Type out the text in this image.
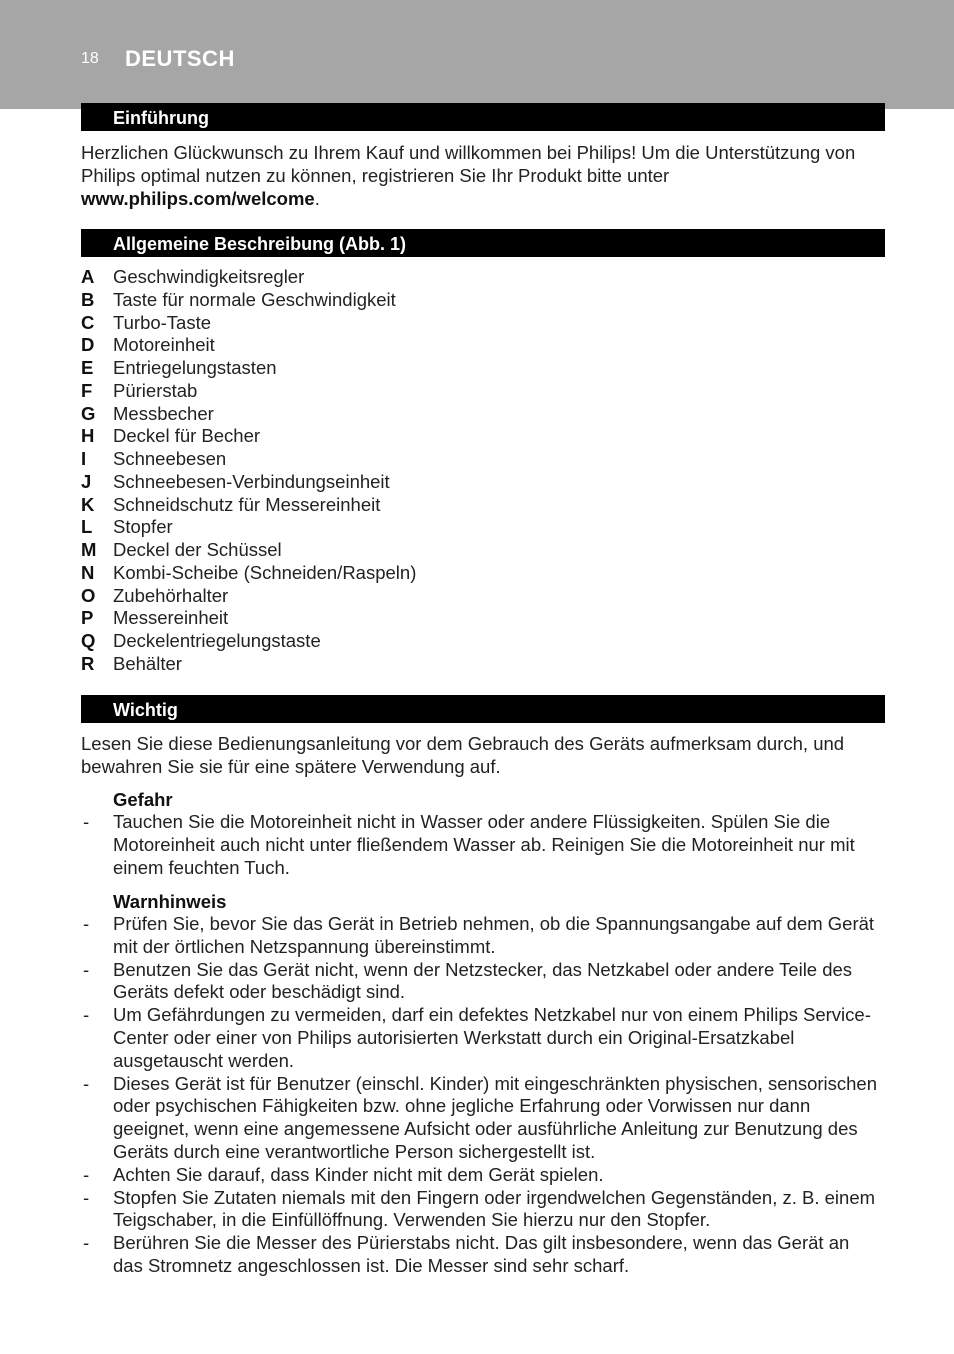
18 DEUTSCH
Einführung
Herzlichen Glückwunsch zu Ihrem Kauf und willkommen bei Philips! Um die Unterstützung von Philips optimal nutzen zu können, registrieren Sie Ihr Produkt bitte unter www.philips.com/welcome.
Allgemeine Beschreibung (Abb. 1)
A	Geschwindigkeitsregler
B	Taste für normale Geschwindigkeit
C	Turbo-Taste
D	Motoreinheit
E	Entriegelungstasten
F	Pürierstab
G Messbecher
H	Deckel für Becher
I	Schneebesen
J	Schneebesen-Verbindungseinheit
K	Schneidschutz für Messereinheit
L	Stopfer
M Deckel der Schüssel
N	Kombi-Scheibe (Schneiden/Raspeln)
O Zubehörhalter
P	Messereinheit
Q Deckelentriegelungstaste
R	Behälter
Wichtig
Lesen Sie diese Bedienungsanleitung vor dem Gebrauch des Geräts aufmerksam durch, und bewahren Sie sie für eine spätere Verwendung auf.
Gefahr
-	Tauchen Sie die Motoreinheit nicht in Wasser oder andere Flüssigkeiten. Spülen Sie die Motoreinheit auch nicht unter fließendem Wasser ab. Reinigen Sie die Motoreinheit nur mit einem feuchten Tuch.
Warnhinweis
-	Prüfen Sie, bevor Sie das Gerät in Betrieb nehmen, ob die Spannungsangabe auf dem Gerät mit der örtlichen Netzspannung übereinstimmt.
-	Benutzen Sie das Gerät nicht, wenn der Netzstecker, das Netzkabel oder andere Teile des Geräts defekt oder beschädigt sind.
-	Um Gefährdungen zu vermeiden, darf ein defektes Netzkabel nur von einem Philips Service-Center oder einer von Philips autorisierten Werkstatt durch ein Original-Ersatzkabel ausgetauscht werden.
-	Dieses Gerät ist für Benutzer (einschl. Kinder) mit eingeschränkten physischen, sensorischen oder psychischen Fähigkeiten bzw. ohne jegliche Erfahrung oder Vorwissen nur dann geeignet, wenn eine angemessene Aufsicht oder ausführliche Anleitung zur Benutzung des Geräts durch eine verantwortliche Person sichergestellt ist.
-	Achten Sie darauf, dass Kinder nicht mit dem Gerät spielen.
-	Stopfen Sie Zutaten niemals mit den Fingern oder irgendwelchen Gegenständen, z. B. einem Teigschaber, in die Einfüllöffnung. Verwenden Sie hierzu nur den Stopfer.
-	Berühren Sie die Messer des Pürierstabs nicht. Das gilt insbesondere, wenn das Gerät an das Stromnetz angeschlossen ist. Die Messer sind sehr scharf.
